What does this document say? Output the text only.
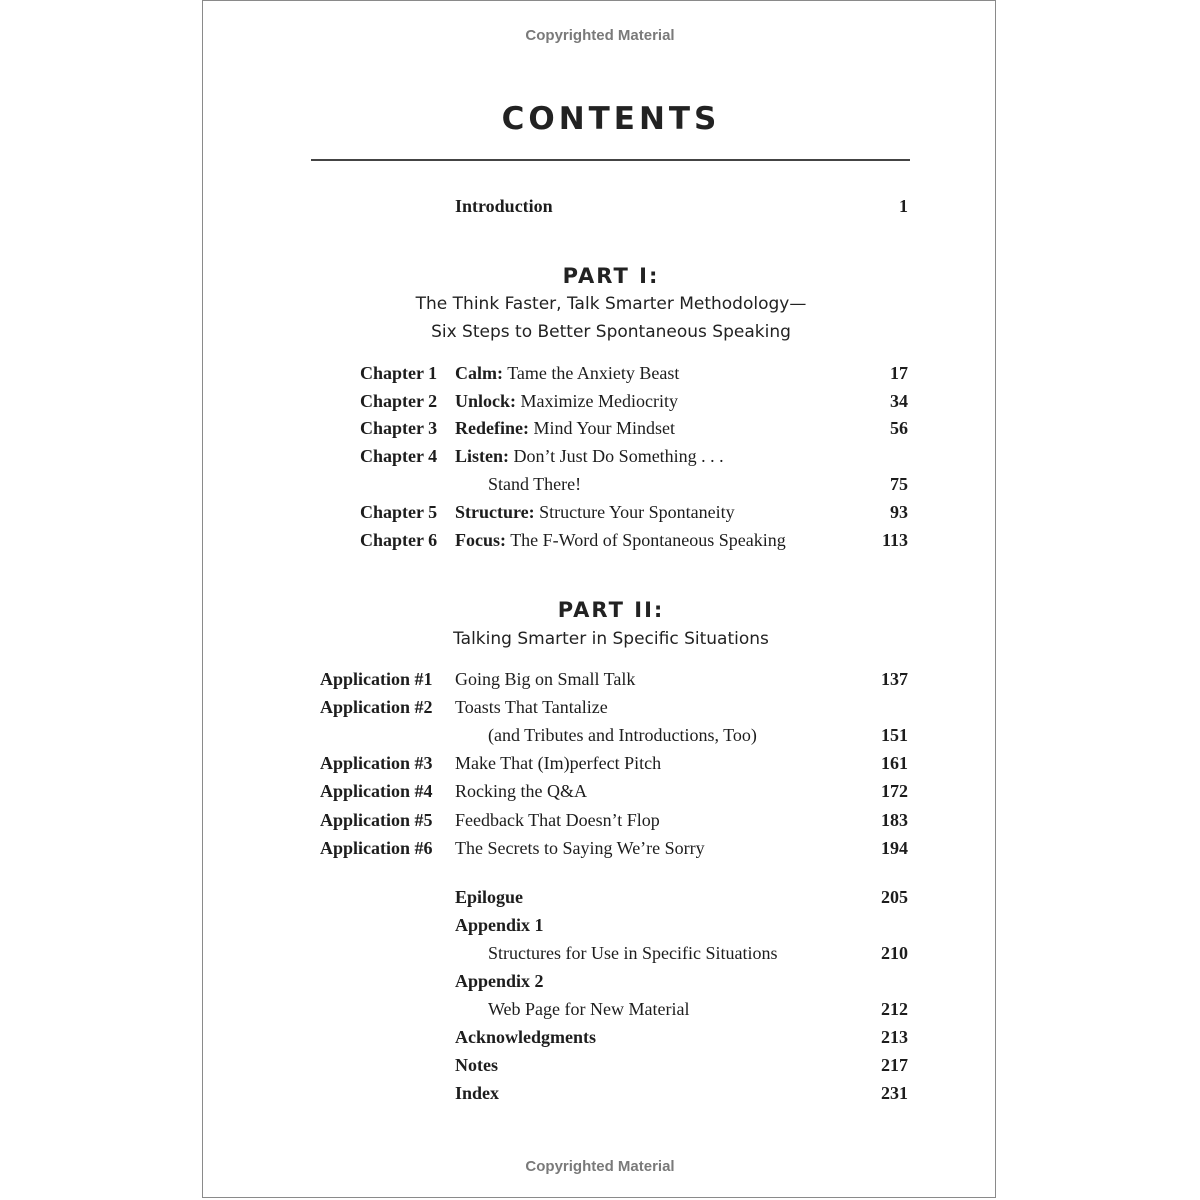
Copyrighted Material
CONTENTS
Introduction	1
PART I:
The Think Faster, Talk Smarter Methodology—
Six Steps to Better Spontaneous Speaking
Chapter 1 Calm: Tame the Anxiety Beast	17
Chapter 2 Unlock: Maximize Mediocrity	34
Chapter 3 Redefine: Mind Your Mindset	56
Chapter 4 Listen: Don’t Just Do Something . . .
Stand There!	75
Chapter 5 Structure: Structure Your Spontaneity	93
Chapter 6 Focus: The F-Word of Spontaneous Speaking	113
PART II:
Talking Smarter in Specific Situations
Application #1 Going Big on Small Talk	137
Application #2 Toasts That Tantalize
(and Tributes and Introductions, Too)	151
Application #3 Make That (Im)perfect Pitch	161
Application #4 Rocking the Q&A	172
Application #5 Feedback That Doesn’t Flop	183
Application #6 The Secrets to Saying We’re Sorry	194
Epilogue	205
Appendix 1
Structures for Use in Specific Situations	210
Appendix 2
Web Page for New Material	212
Acknowledgments	213
Notes	217
Index	231
Copyrighted Material
